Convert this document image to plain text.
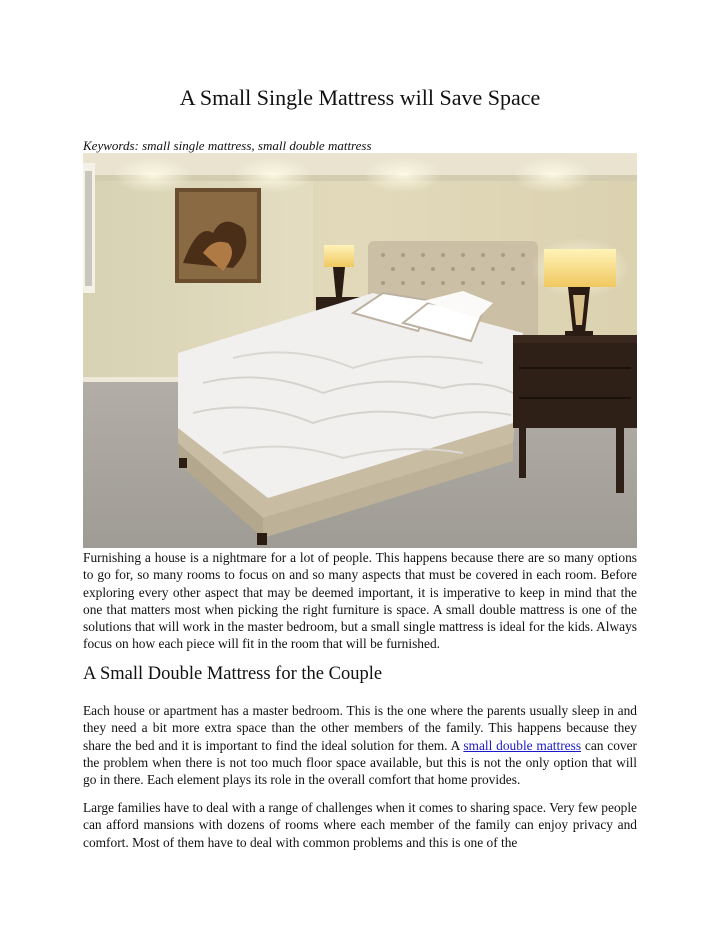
A Small Single Mattress will Save Space

Keywords: small single mattress, small double mattress

Furnishing a house is a nightmare for a lot of people. This happens because there are so many options to go for, so many rooms to focus on and so many aspects that must be covered in each room. Before exploring every other aspect that may be deemed important, it is imperative to keep in mind that the one that matters most when picking the right furniture is space. A small double mattress is one of the solutions that will work in the master bedroom, but a small single mattress is ideal for the kids. Always focus on how each piece will fit in the room that will be furnished.

A Small Double Mattress for the Couple

Each house or apartment has a master bedroom. This is the one where the parents usually sleep in and they need a bit more extra space than the other members of the family. This happens because they share the bed and it is important to find the ideal solution for them. A small double mattress can cover the problem when there is not too much floor space available, but this is not the only option that will go in there. Each element plays its role in the overall comfort that home provides.

Large families have to deal with a range of challenges when it comes to sharing space. Very few people can afford mansions with dozens of rooms where each member of the family can enjoy privacy and comfort. Most of them have to deal with common problems and this is one of the
